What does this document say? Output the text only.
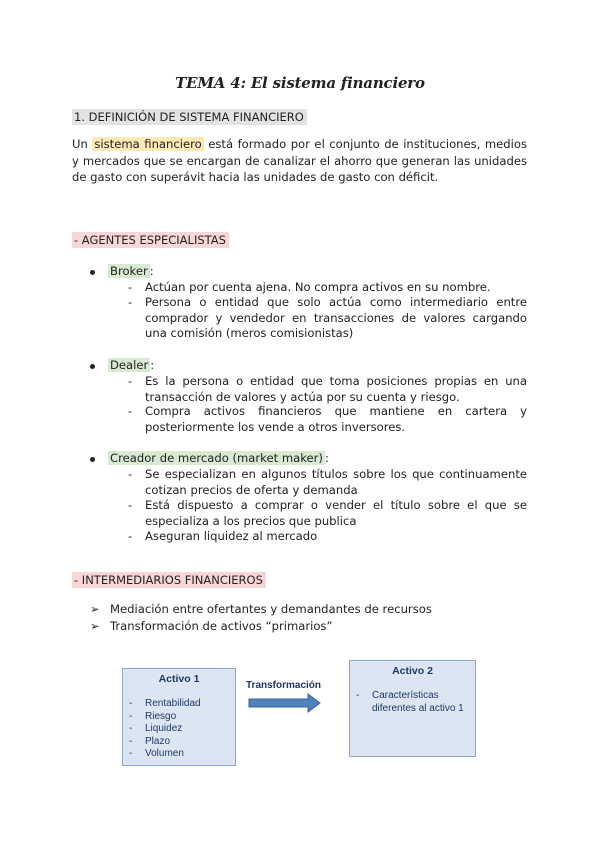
TEMA 4: El sistema financiero
1. DEFINICIÓN DE SISTEMA FINANCIERO
Un sistema financiero está formado por el conjunto de instituciones, medios y mercados que se encargan de canalizar el ahorro que generan las unidades de gasto con superávit hacia las unidades de gasto con déficit.
- AGENTES ESPECIALISTAS
Broker :
- Actúan por cuenta ajena. No compra activos en su nombre.
- Persona o entidad que solo actúa como intermediario entre comprador y vendedor en transacciones de valores cargando una comisión (meros comisionistas)
Dealer :
- Es la persona o entidad que toma posiciones propias en una transacción de valores y actúa por su cuenta y riesgo.
- Compra activos financieros que mantiene en cartera y posteriormente los vende a otros inversores.
Creador de mercado (market maker) :
- Se especializan en algunos títulos sobre los que continuamente cotizan precios de oferta y demanda
- Está dispuesto a comprar o vender el título sobre el que se especializa a los precios que publica
- Aseguran liquidez al mercado
- INTERMEDIARIOS FINANCIEROS
➢ Mediación entre ofertantes y demandantes de recursos
➢ Transformación de activos “primarios”
Activo 1
- Rentabilidad
- Riesgo
- Liquidez
- Plazo
- Volumen
Transformación
Activo 2
- Características diferentes al activo 1
